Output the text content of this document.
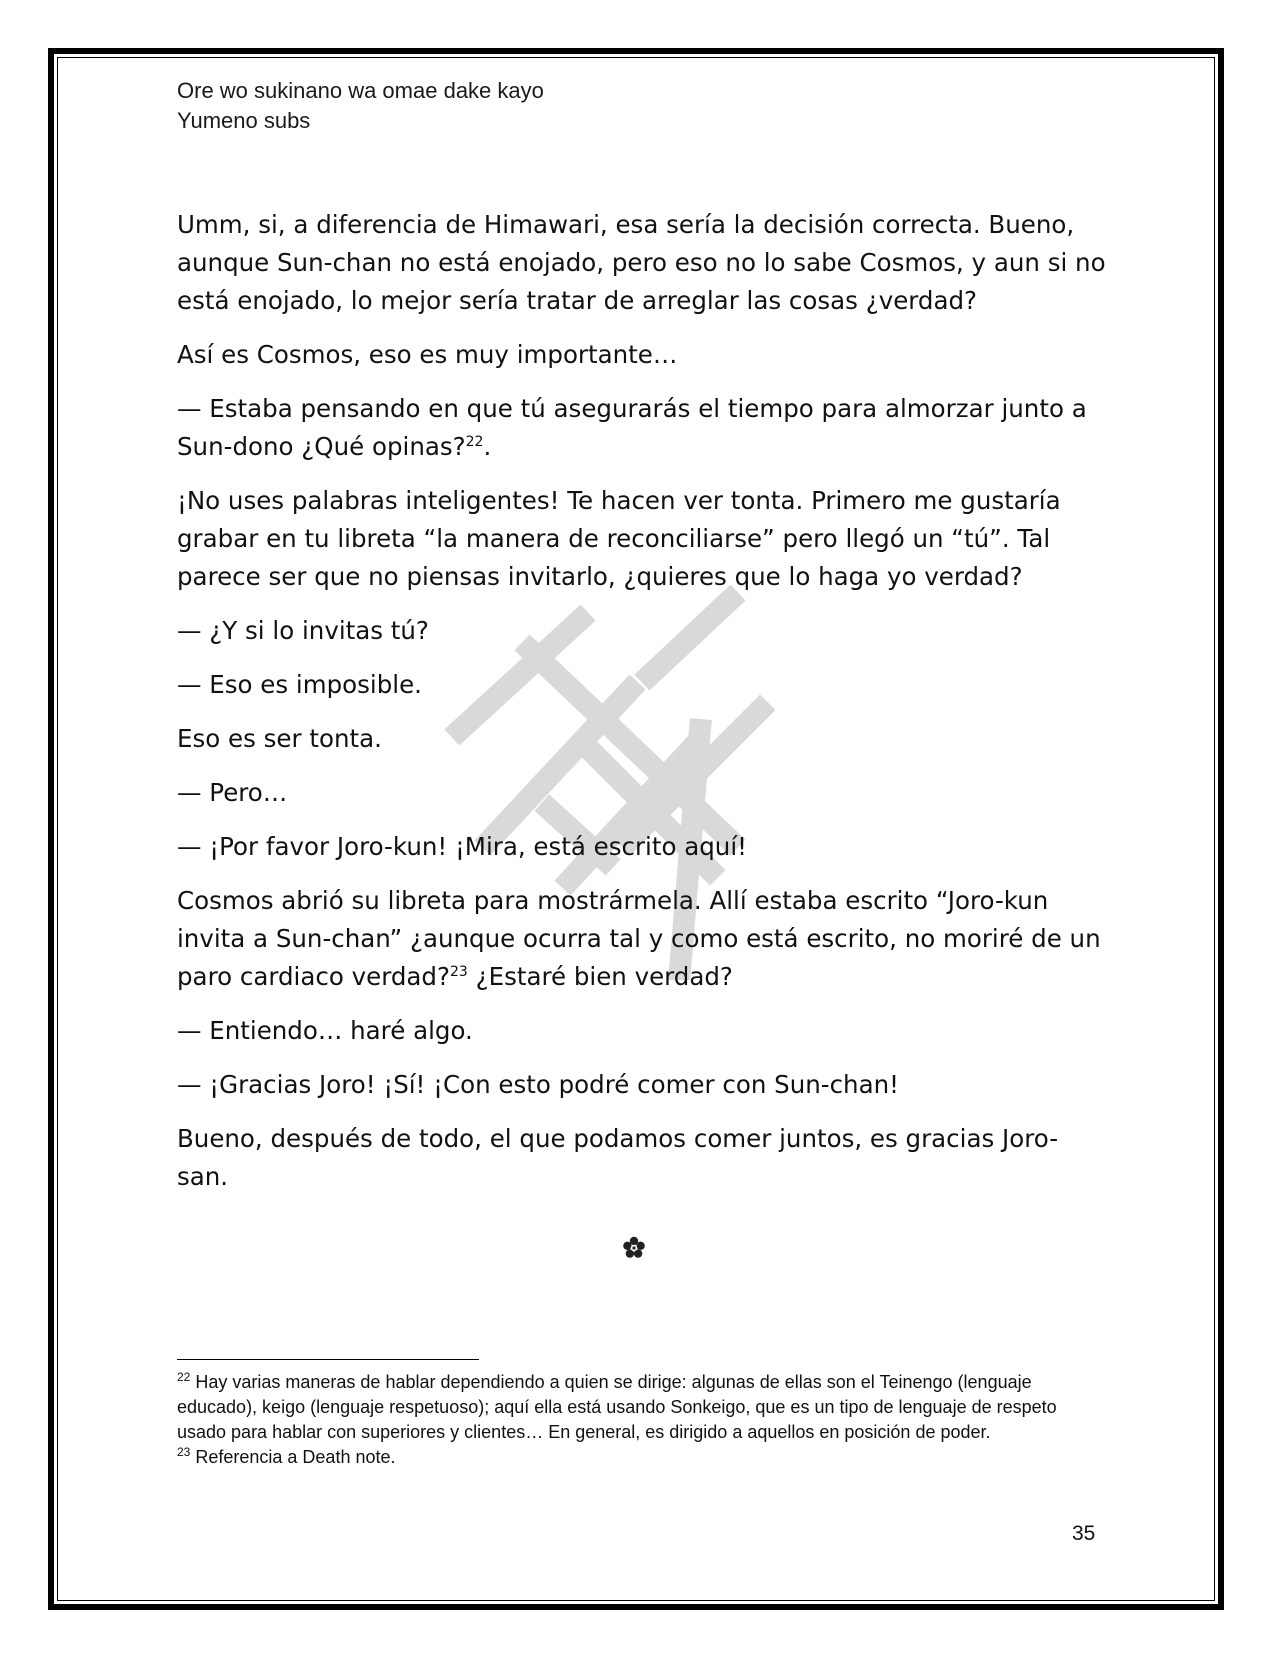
Ore wo sukinano wa omae dake kayo
Yumeno subs

Umm, si, a diferencia de Himawari, esa sería la decisión correcta. Bueno, aunque Sun-chan no está enojado, pero eso no lo sabe Cosmos, y aun si no está enojado, lo mejor sería tratar de arreglar las cosas ¿verdad?

Así es Cosmos, eso es muy importante…

— Estaba pensando en que tú asegurarás el tiempo para almorzar junto a Sun-dono ¿Qué opinas?$^{22}$.

¡No uses palabras inteligentes! Te hacen ver tonta. Primero me gustaría grabar en tu libreta “la manera de reconciliarse” pero llegó un “tú”. Tal parece ser que no piensas invitarlo, ¿quieres que lo haga yo verdad?

— ¿Y si lo invitas tú?

— Eso es imposible.

Eso es ser tonta.

— Pero…

— ¡Por favor Joro-kun! ¡Mira, está escrito aquí!

Cosmos abrió su libreta para mostrármela. Allí estaba escrito “Joro-kun invita a Sun-chan” ¿aunque ocurra tal y como está escrito, no moriré de un paro cardiaco verdad?$^{23}$ ¿Estaré bien verdad?

— Entiendo… haré algo.

— ¡Gracias Joro! ¡Sí! ¡Con esto podré comer con Sun-chan!

Bueno, después de todo, el que podamos comer juntos, es gracias Joro-san.

$^{22}$ Hay varias maneras de hablar dependiendo a quien se dirige: algunas de ellas son el Teinengo (lenguaje educado), keigo (lenguaje respetuoso); aquí ella está usando Sonkeigo, que es un tipo de lenguaje de respeto usado para hablar con superiores y clientes… En general, es dirigido a aquellos en posición de poder.

$^{23}$ Referencia a Death note.

35
